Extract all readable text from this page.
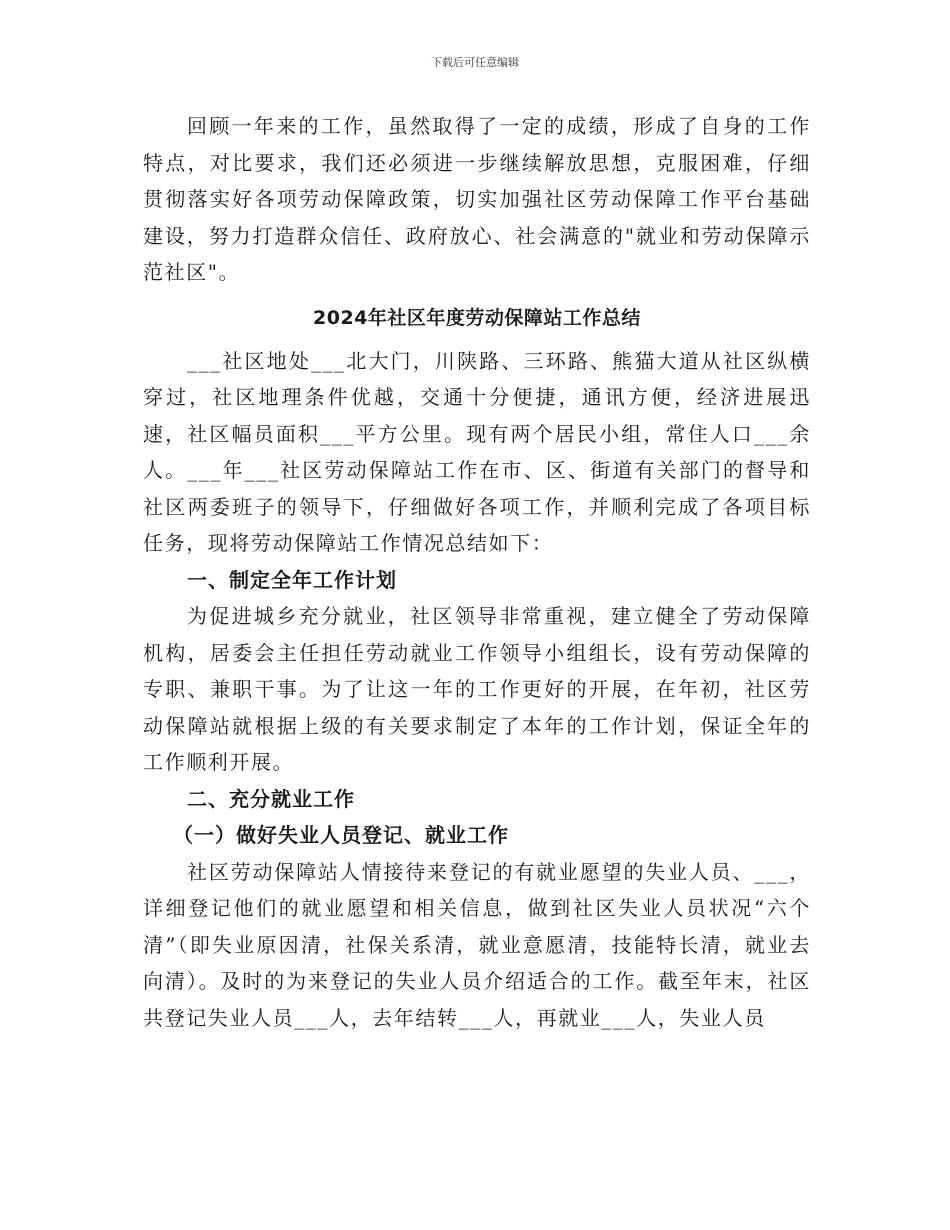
下载后可任意编辑

回顾一年来的工作，虽然取得了一定的成绩，形成了自身的工作特点，对比要求，我们还必须进一步继续解放思想，克服困难，仔细贯彻落实好各项劳动保障政策，切实加强社区劳动保障工作平台基础建设，努力打造群众信任、政府放心、社会满意的"就业和劳动保障示范社区"。

2024年社区年度劳动保障站工作总结

___社区地处___北大门，川陕路、三环路、熊猫大道从社区纵横穿过，社区地理条件优越，交通十分便捷，通讯方便，经济进展迅速，社区幅员面积___平方公里。现有两个居民小组，常住人口___余人。___年___社区劳动保障站工作在市、区、街道有关部门的督导和社区两委班子的领导下，仔细做好各项工作，并顺利完成了各项目标任务，现将劳动保障站工作情况总结如下：

一、制定全年工作计划

为促进城乡充分就业，社区领导非常重视，建立健全了劳动保障机构，居委会主任担任劳动就业工作领导小组组长，设有劳动保障的专职、兼职干事。为了让这一年的工作更好的开展，在年初，社区劳动保障站就根据上级的有关要求制定了本年的工作计划，保证全年的工作顺利开展。

二、充分就业工作
（一）做好失业人员登记、就业工作

社区劳动保障站人情接待来登记的有就业愿望的失业人员、___，详细登记他们的就业愿望和相关信息，做到社区失业人员状况“六个清”（即失业原因清，社保关系清，就业意愿清，技能特长清，就业去向清）。及时的为来登记的失业人员介绍适合的工作。截至年末，社区共登记失业人员___人，去年结转___人，再就业___人，失业人员
